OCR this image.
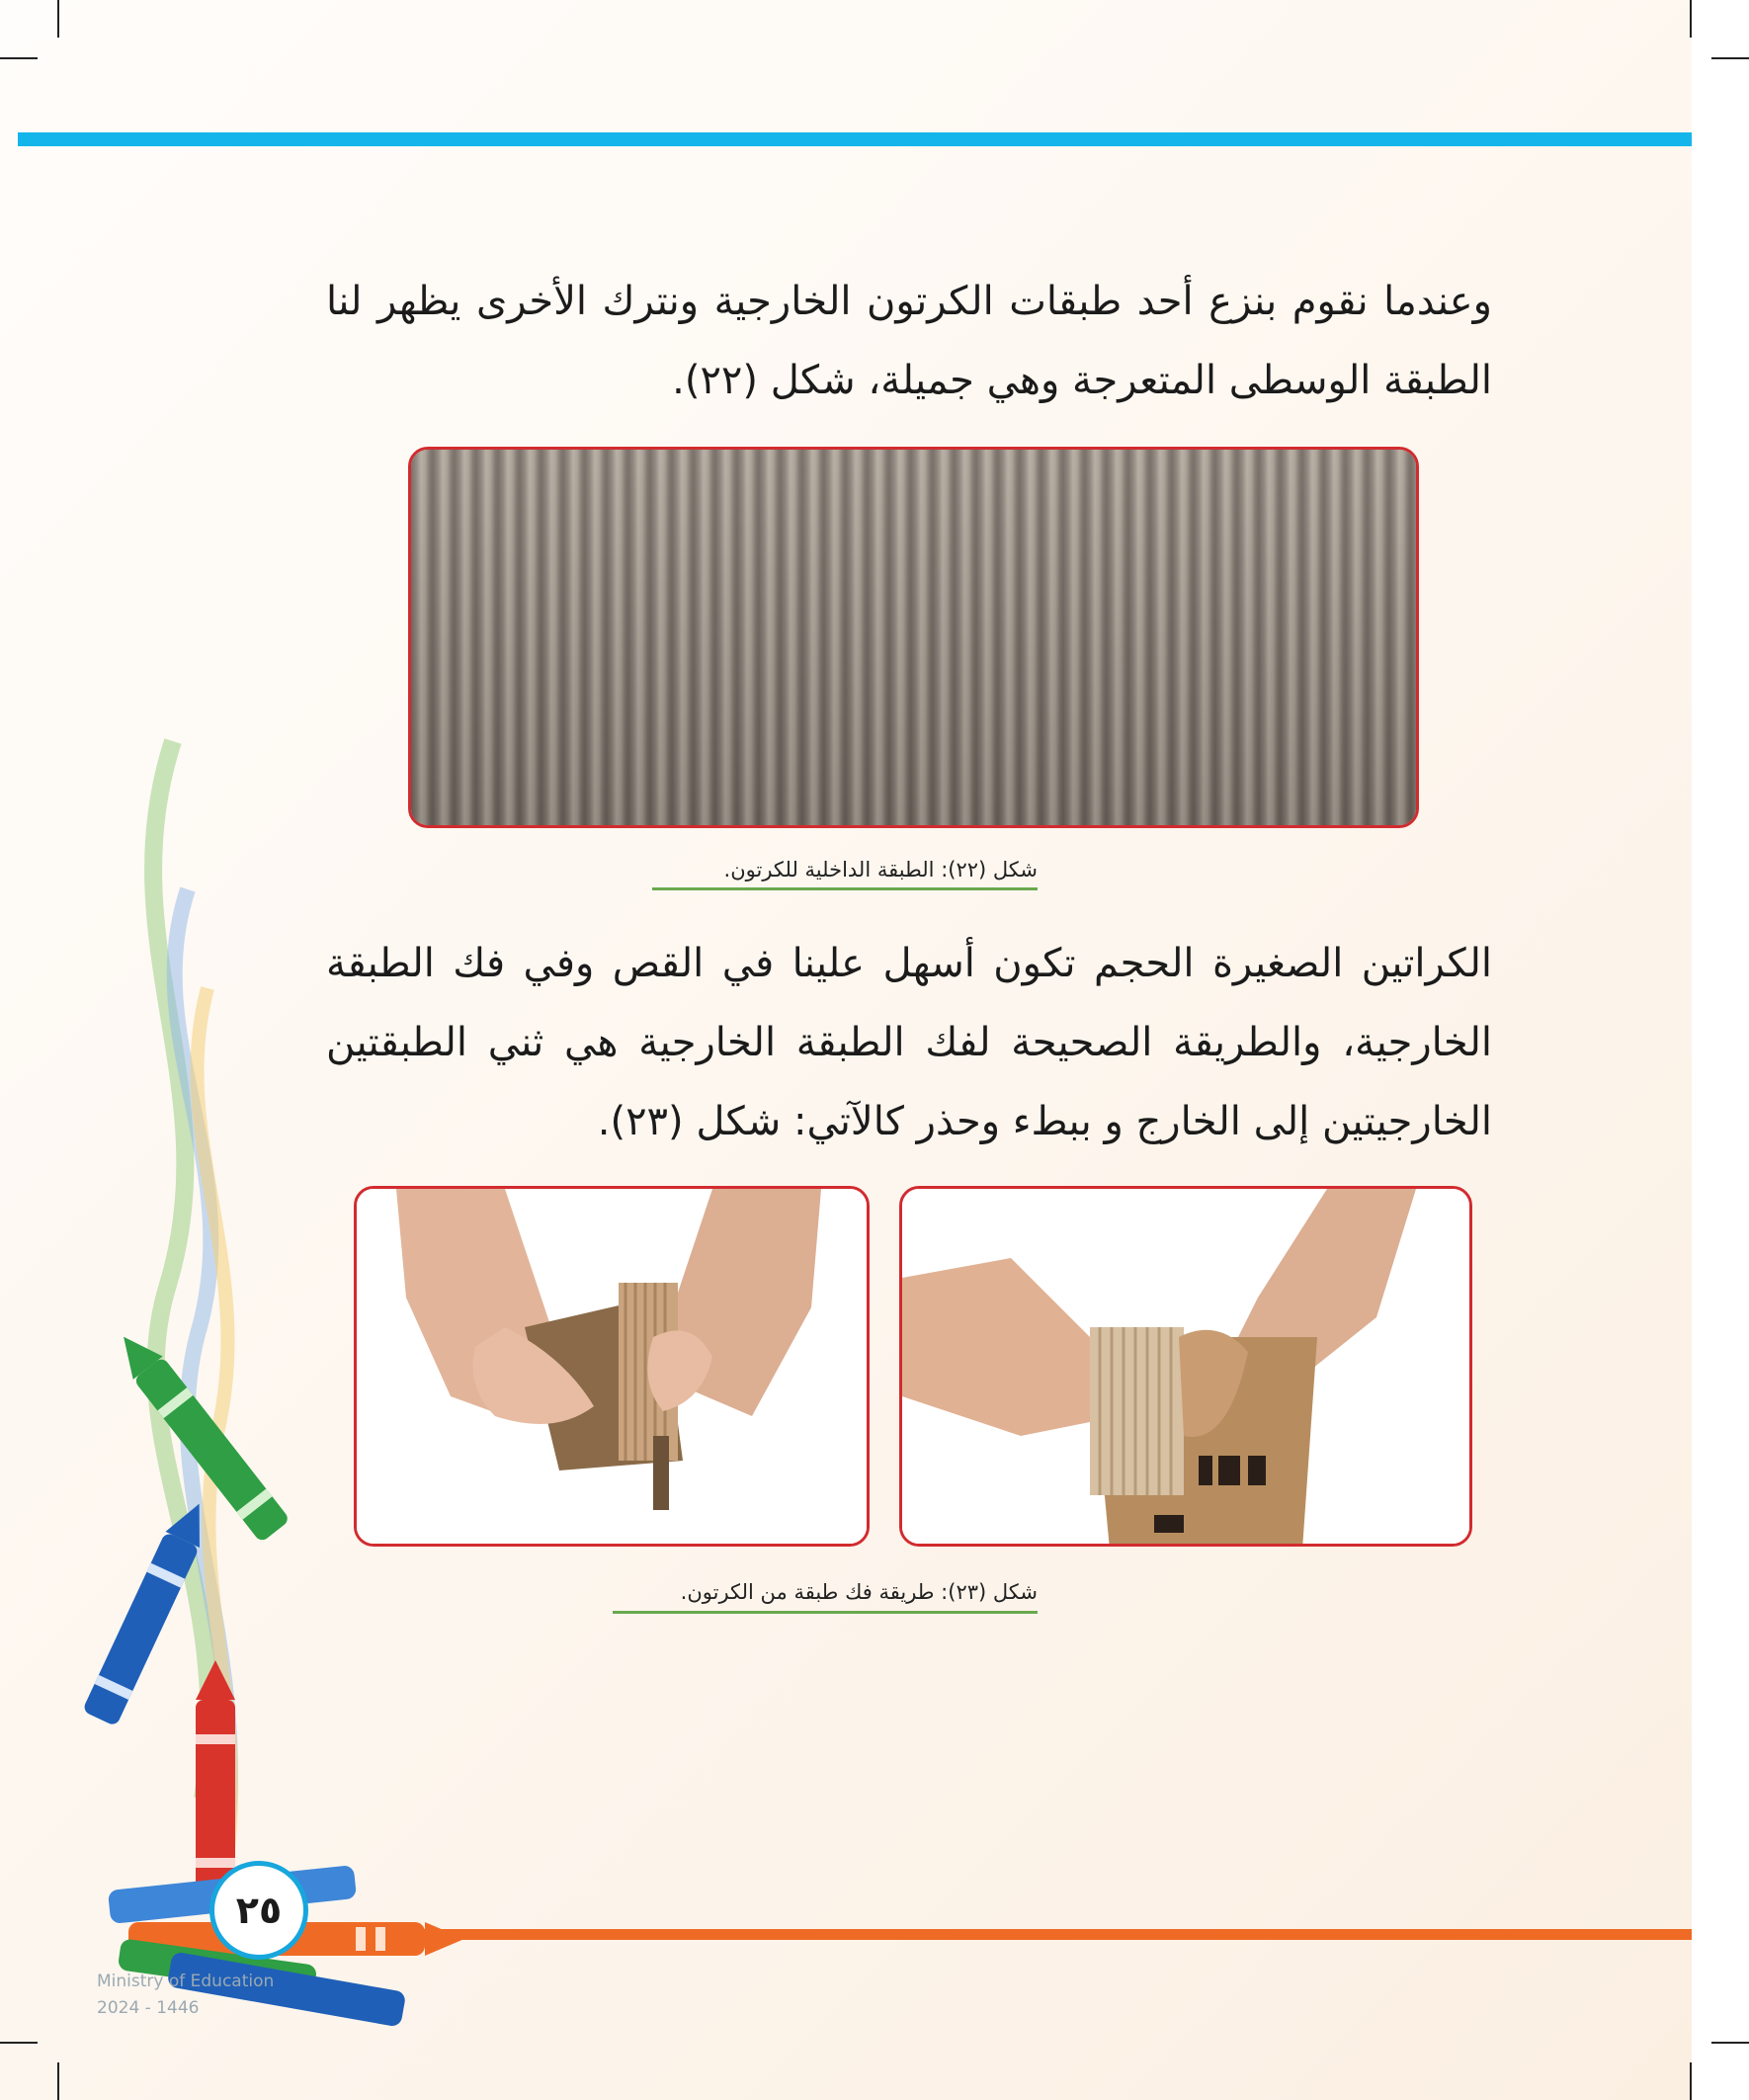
وعندما نقوم بنزع أحد طبقات الكرتون الخارجية ونترك الأخرى يظهر لنا الطبقة الوسطى المتعرجة وهي جميلة، شكل (٢٢).

شكل (٢٢): الطبقة الداخلية للكرتون.

الكراتين الصغيرة الحجم تكون أسهل علينا في القص وفي فك الطبقة الخارجية، والطريقة الصحيحة لفك الطبقة الخارجية هي ثني الطبقتين الخارجيتين إلى الخارج و ببطء وحذر كالآتي: شكل (٢٣).

شكل (٢٣): طريقة فك طبقة من الكرتون.
٢٥
Ministry of Education
2024 - 1446
